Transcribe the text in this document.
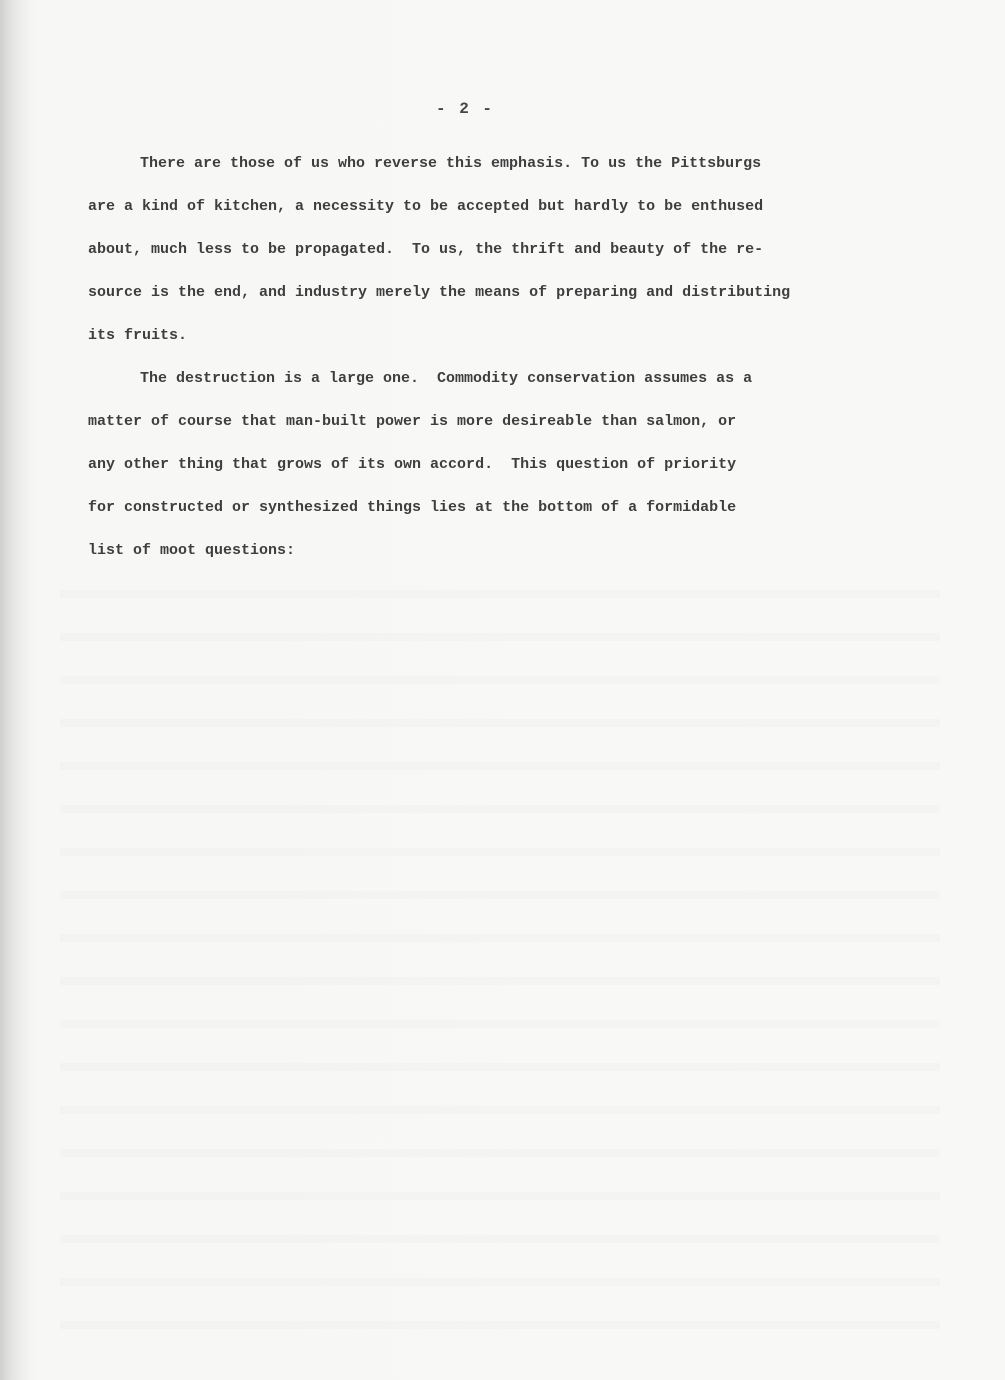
- 2 -
There are those of us who reverse this emphasis. To us the Pittsburgs
are a kind of kitchen, a necessity to be accepted but hardly to be enthused
about, much less to be propagated.  To us, the thrift and beauty of the re-
source is the end, and industry merely the means of preparing and distributing
its fruits.
The destruction is a large one.  Commodity conservation assumes as a
matter of course that man-built power is more desireable than salmon, or
any other thing that grows of its own accord.  This question of priority
for constructed or synthesized things lies at the bottom of a formidable
list of moot questions:
